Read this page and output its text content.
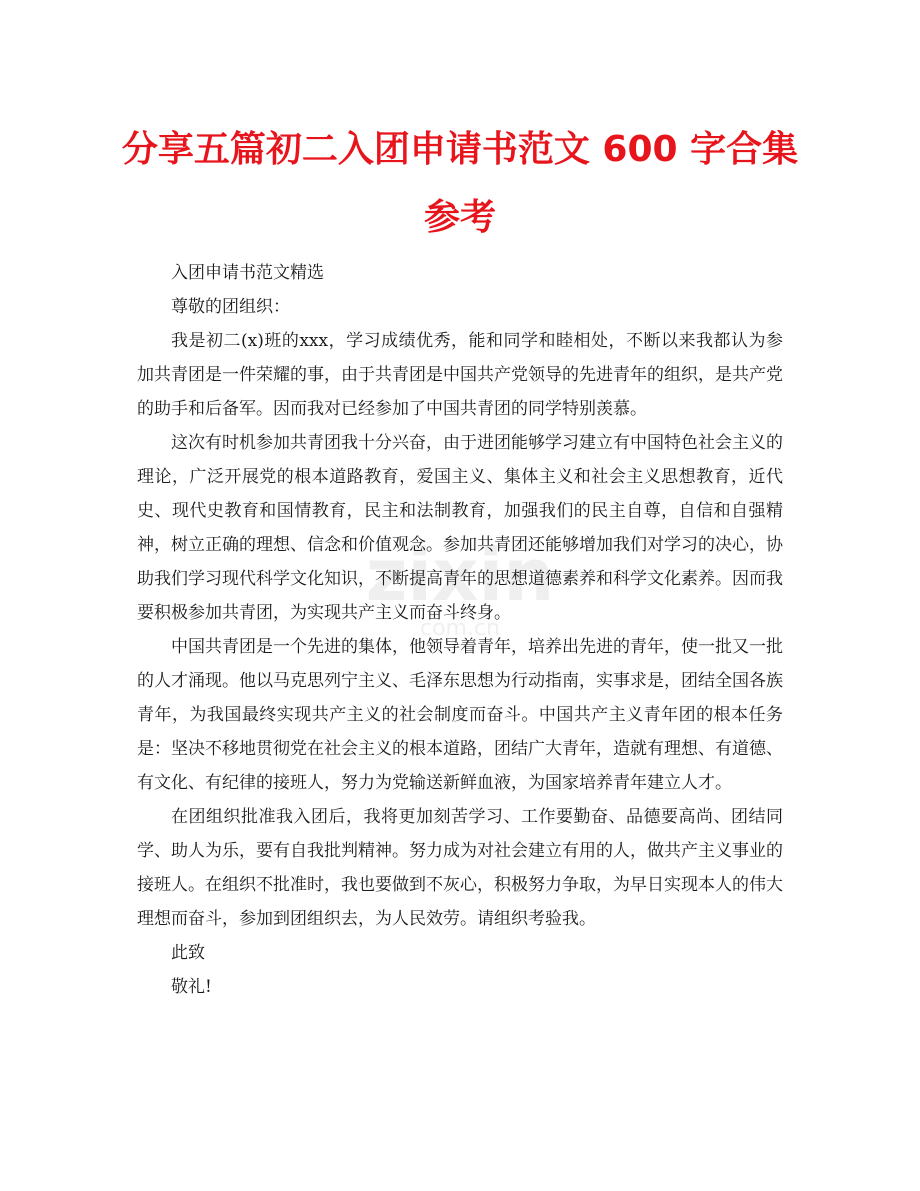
分享五篇初二入团申请书范文 600 字合集
参考
zixin
com.cn

入团申请书范文精选

尊敬的团组织：

我是初二(x)班的xxx，学习成绩优秀，能和同学和睦相处，不断以来我都认为参加共青团是一件荣耀的事，由于共青团是中国共产党领导的先进青年的组织，是共产党的助手和后备军。因而我对已经参加了中国共青团的同学特别羡慕。

这次有时机参加共青团我十分兴奋，由于进团能够学习建立有中国特色社会主义的理论，广泛开展党的根本道路教育，爱国主义、集体主义和社会主义思想教育，近代史、现代史教育和国情教育，民主和法制教育，加强我们的民主自尊，自信和自强精神，树立正确的理想、信念和价值观念。参加共青团还能够增加我们对学习的决心，协助我们学习现代科学文化知识，不断提高青年的思想道德素养和科学文化素养。因而我要积极参加共青团，为实现共产主义而奋斗终身。

中国共青团是一个先进的集体，他领导着青年，培养出先进的青年，使一批又一批的人才涌现。他以马克思列宁主义、毛泽东思想为行动指南，实事求是，团结全国各族青年，为我国最终实现共产主义的社会制度而奋斗。中国共产主义青年团的根本任务是：坚决不移地贯彻党在社会主义的根本道路，团结广大青年，造就有理想、有道德、有文化、有纪律的接班人，努力为党输送新鲜血液，为国家培养青年建立人才。

在团组织批准我入团后，我将更加刻苦学习、工作要勤奋、品德要高尚、团结同学、助人为乐，要有自我批判精神。努力成为对社会建立有用的人，做共产主义事业的接班人。在组织不批准时，我也要做到不灰心，积极努力争取，为早日实现本人的伟大理想而奋斗，参加到团组织去，为人民效劳。请组织考验我。

此致

敬礼!
